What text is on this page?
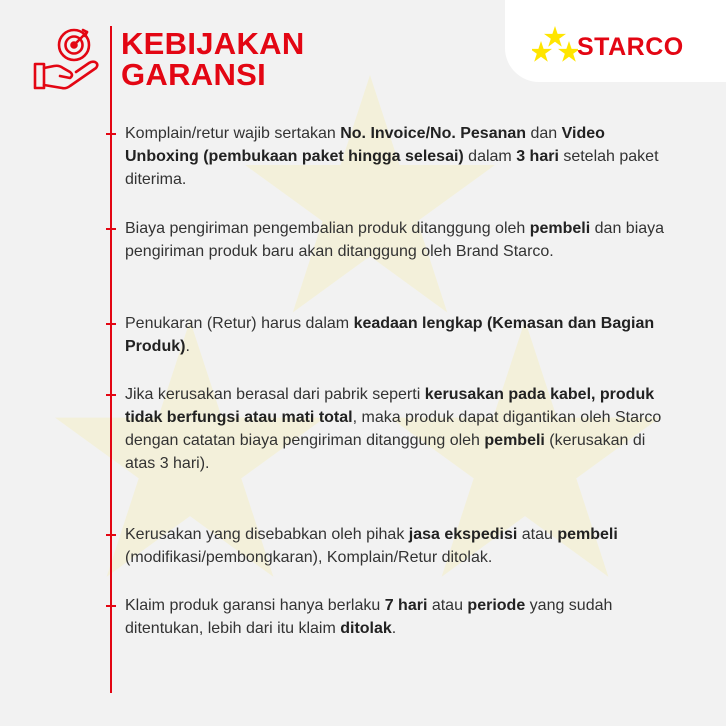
STARCO
KEBIJAKAN
GARANSI

Komplain/retur wajib sertakan No. Invoice/No. Pesanan dan Video Unboxing (pembukaan paket hingga selesai) dalam 3 hari setelah paket diterima.

Biaya pengiriman pengembalian produk ditanggung oleh pembeli dan biaya pengiriman produk baru akan ditanggung oleh Brand Starco.

Penukaran (Retur) harus dalam keadaan lengkap (Kemasan dan Bagian Produk).

Jika kerusakan berasal dari pabrik seperti kerusakan pada kabel, produk tidak berfungsi atau mati total, maka produk dapat digantikan oleh Starco dengan catatan biaya pengiriman ditanggung oleh pembeli (kerusakan di atas 3 hari).

Kerusakan yang disebabkan oleh pihak jasa ekspedisi atau pembeli (modifikasi/pembongkaran), Komplain/Retur ditolak.

Klaim produk garansi hanya berlaku 7 hari atau periode yang sudah ditentukan, lebih dari itu klaim ditolak.
